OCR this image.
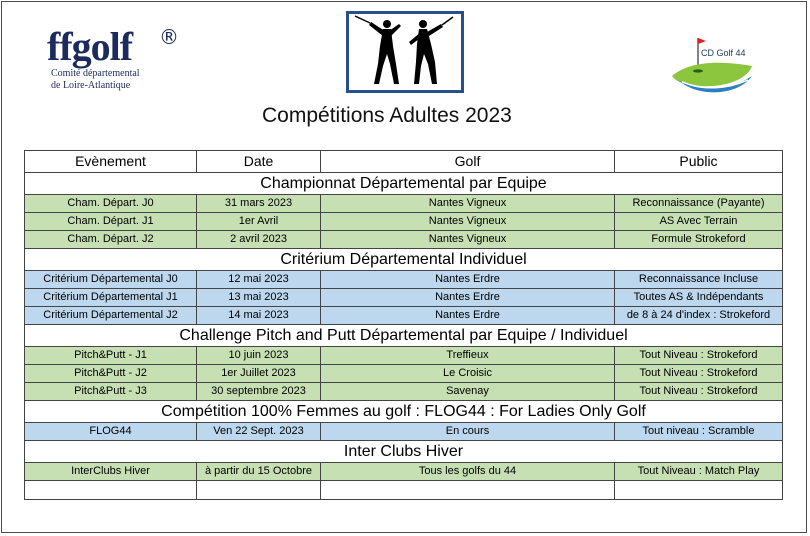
ffgolf	®
Comité départemental
de Loire-Atlantique
CD Golf 44
Compétitions Adultes 2023
Evènement	Date	Golf	Public
Championnat Départemental par Equipe			
Cham. Départ. J0	31 mars 2023	Nantes Vigneux	Reconnaissance (Payante)
Cham. Départ. J1	1er Avril	Nantes Vigneux	AS Avec Terrain
Cham. Départ. J2	2 avril 2023	Nantes Vigneux	Formule Strokeford
Critérium Départemental Individuel			
Critérium Départemental J0	12 mai 2023	Nantes Erdre	Reconnaissance Incluse
Critérium Départemental J1	13 mai 2023	Nantes Erdre	Toutes AS & Indépendants
Critérium Départemental J2	14 mai 2023	Nantes Erdre	de 8 à 24 d'index : Strokeford
Challenge Pitch and Putt Départemental par Equipe / Individuel			
Pitch&Putt - J1	10 juin 2023	Treffieux	Tout Niveau : Strokeford
Pitch&Putt - J2	1er Juillet 2023	Le Croisic	Tout Niveau : Strokeford
Pitch&Putt - J3	30 septembre 2023	Savenay	Tout Niveau : Strokeford
Compétition 100% Femmes au golf : FLOG44 : For Ladies Only Golf			
FLOG44	Ven 22 Sept. 2023	En cours	Tout niveau : Scramble
Inter Clubs Hiver			
InterClubs Hiver	à partir du 15 Octobre	Tous les golfs du 44	Tout Niveau : Match Play
